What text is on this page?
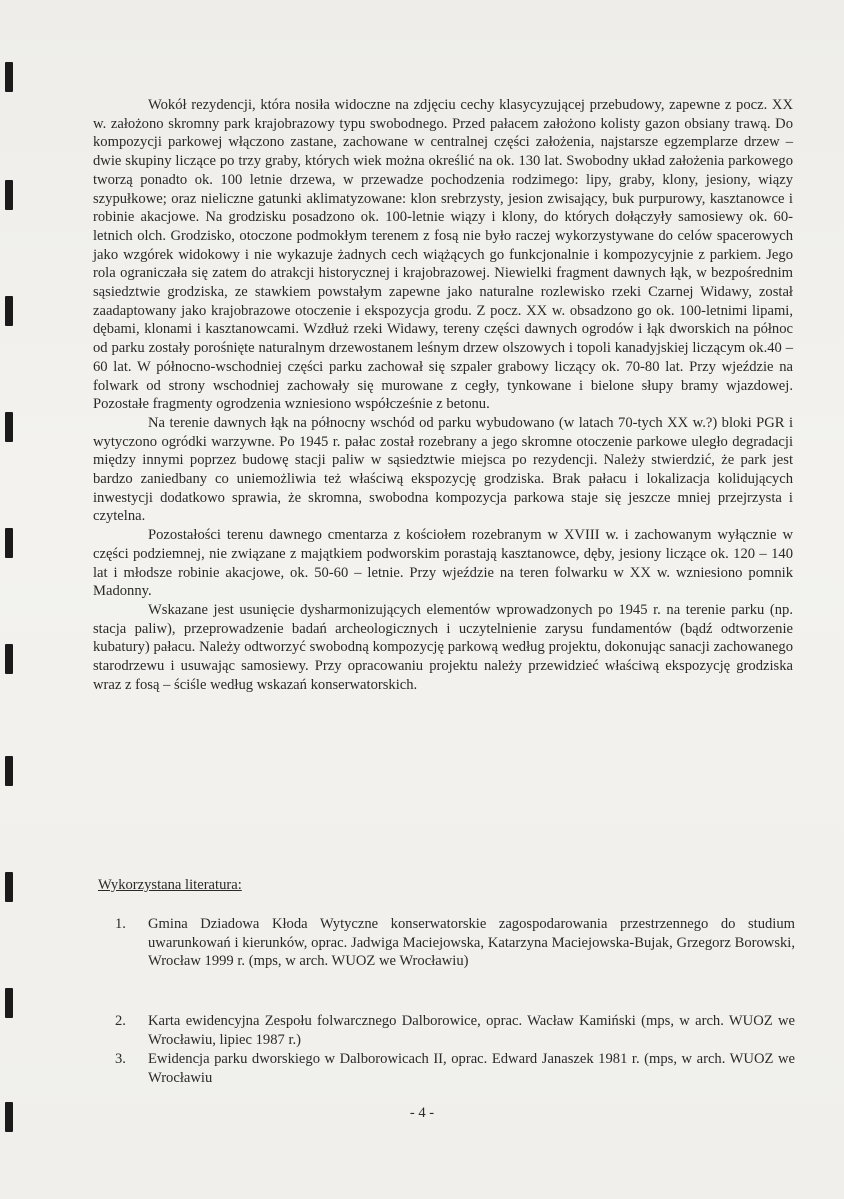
Wokół rezydencji, która nosiła widoczne na zdjęciu cechy klasycyzującej przebudowy, zapewne z pocz. XX w. założono skromny park krajobrazowy typu swobodnego. Przed pałacem założono kolisty gazon obsiany trawą. Do kompozycji parkowej włączono zastane, zachowane w centralnej części założenia, najstarsze egzemplarze drzew – dwie skupiny liczące po trzy graby, których wiek można określić na ok. 130 lat. Swobodny układ założenia parkowego tworzą ponadto ok. 100 letnie drzewa, w przewadze pochodzenia rodzimego: lipy, graby, klony, jesiony, wiązy szypułkowe; oraz nieliczne gatunki aklimatyzowane: klon srebrzysty, jesion zwisający, buk purpurowy, kasztanowce i robinie akacjowe. Na grodzisku posadzono ok. 100-letnie wiązy i klony, do których dołączyły samosiewy ok. 60-letnich olch. Grodzisko, otoczone podmokłym terenem z fosą nie było raczej wykorzystywane do celów spacerowych jako wzgórek widokowy i nie wykazuje żadnych cech wiążących go funkcjonalnie i kompozycyjnie z parkiem. Jego rola ograniczała się zatem do atrakcji historycznej i krajobrazowej. Niewielki fragment dawnych łąk, w bezpośrednim sąsiedztwie grodziska, ze stawkiem powstałym zapewne jako naturalne rozlewisko rzeki Czarnej Widawy, został zaadaptowany jako krajobrazowe otoczenie i ekspozycja grodu. Z pocz. XX w. obsadzono go ok. 100-letnimi lipami, dębami, klonami i kasztanowcami. Wzdłuż rzeki Widawy, tereny części dawnych ogrodów i łąk dworskich na północ od parku zostały porośnięte naturalnym drzewostanem leśnym drzew olszowych i topoli kanadyjskiej liczącym ok.40 – 60 lat. W północno-wschodniej części parku zachował się szpaler grabowy liczący ok. 70-80 lat. Przy wjeździe na folwark od strony wschodniej zachowały się murowane z cegły, tynkowane i bielone słupy bramy wjazdowej. Pozostałe fragmenty ogrodzenia wzniesiono współcześnie z betonu.

Na terenie dawnych łąk na północny wschód od parku wybudowano (w latach 70-tych XX w.?) bloki PGR i wytyczono ogródki warzywne. Po 1945 r. pałac został rozebrany a jego skromne otoczenie parkowe uległo degradacji między innymi poprzez budowę stacji paliw w sąsiedztwie miejsca po rezydencji. Należy stwierdzić, że park jest bardzo zaniedbany co uniemożliwia też właściwą ekspozycję grodziska. Brak pałacu i lokalizacja kolidujących inwestycji dodatkowo sprawia, że skromna, swobodna kompozycja parkowa staje się jeszcze mniej przejrzysta i czytelna.

Pozostałości terenu dawnego cmentarza z kościołem rozebranym w XVIII w. i zachowanym wyłącznie w części podziemnej, nie związane z majątkiem podworskim porastają kasztanowce, dęby, jesiony liczące ok. 120 – 140 lat i młodsze robinie akacjowe, ok. 50-60 – letnie. Przy wjeździe na teren folwarku w XX w. wzniesiono pomnik Madonny.

Wskazane jest usunięcie dysharmonizujących elementów wprowadzonych po 1945 r. na terenie parku (np. stacja paliw), przeprowadzenie badań archeologicznych i uczytelnienie zarysu fundamentów (bądź odtworzenie kubatury) pałacu. Należy odtworzyć swobodną kompozycję parkową według projektu, dokonując sanacji zachowanego starodrzewu i usuwając samosiewy. Przy opracowaniu projektu należy przewidzieć właściwą ekspozycję grodziska wraz z fosą – ściśle według wskazań konserwatorskich.

Wykorzystana literatura:

1.	Gmina Dziadowa Kłoda Wytyczne konserwatorskie zagospodarowania przestrzennego do studium uwarunkowań i kierunków, oprac. Jadwiga Maciejowska, Katarzyna Maciejowska-Bujak, Grzegorz Borowski, Wrocław 1999 r. (mps, w arch. WUOZ we Wrocławiu)
2.	Karta ewidencyjna Zespołu folwarcznego Dalborowice, oprac. Wacław Kamiński (mps, w arch. WUOZ we Wrocławiu, lipiec 1987 r.)
3.	Ewidencja parku dworskiego w Dalborowicach II, oprac. Edward Janaszek 1981 r. (mps, w arch. WUOZ we Wrocławiu
- 4 -
